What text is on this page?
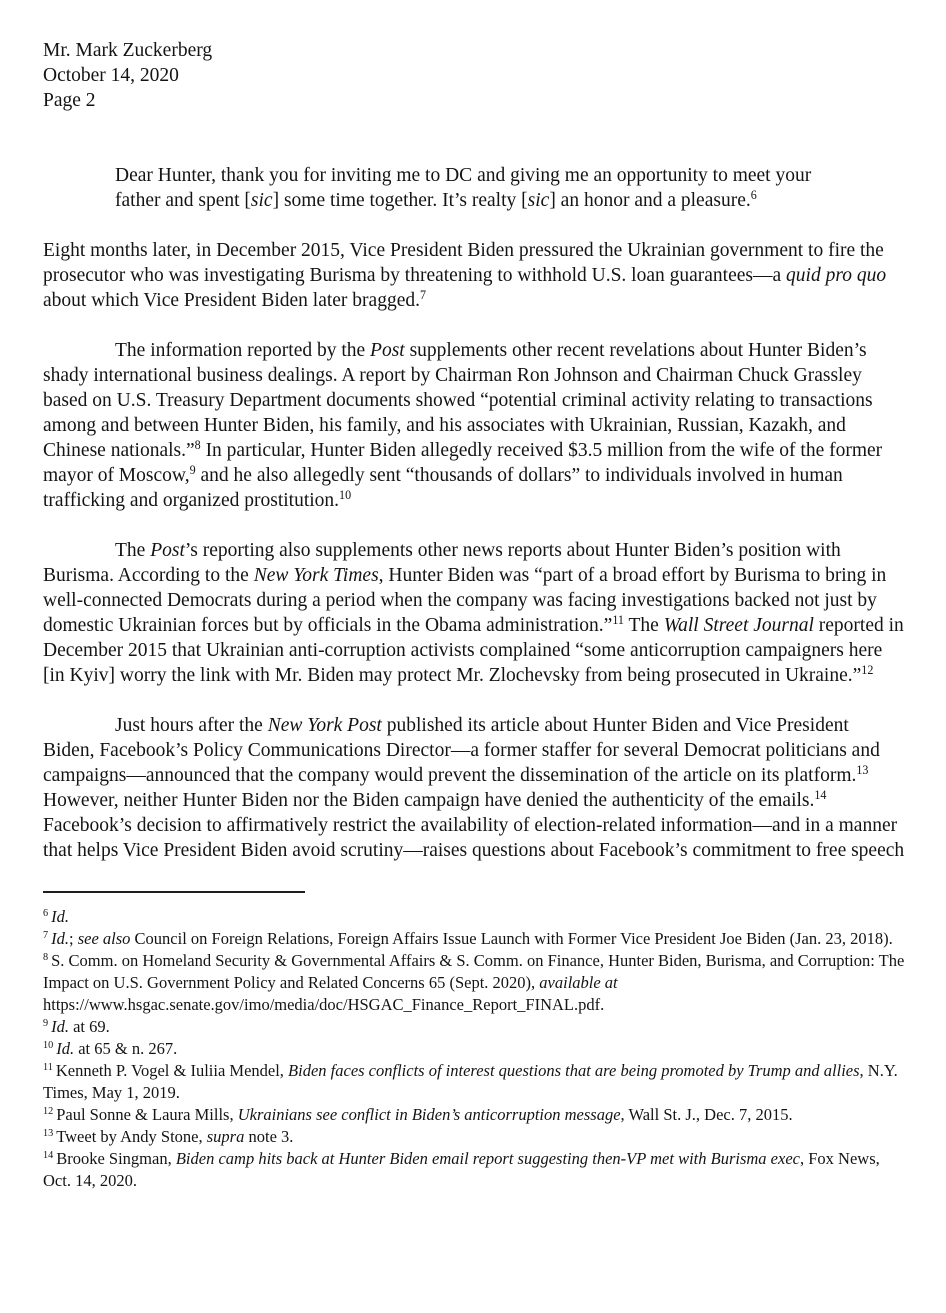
Mr. Mark Zuckerberg
October 14, 2020
Page 2
Dear Hunter, thank you for inviting me to DC and giving me an opportunity to meet your father and spent [sic] some time together. It’s realty [sic] an honor and a pleasure.$^6$

Eight months later, in December 2015, Vice President Biden pressured the Ukrainian government to fire the prosecutor who was investigating Burisma by threatening to withhold U.S. loan guarantees—a quid pro quo about which Vice President Biden later bragged.$^7$

The information reported by the Post supplements other recent revelations about Hunter Biden’s shady international business dealings. A report by Chairman Ron Johnson and Chairman Chuck Grassley based on U.S. Treasury Department documents showed “potential criminal activity relating to transactions among and between Hunter Biden, his family, and his associates with Ukrainian, Russian, Kazakh, and Chinese nationals.”$^8$ In particular, Hunter Biden allegedly received $3.5 million from the wife of the former mayor of Moscow,$^9$ and he also allegedly sent “thousands of dollars” to individuals involved in human trafficking and organized prostitution.$^{10}$

The Post’s reporting also supplements other news reports about Hunter Biden’s position with Burisma. According to the New York Times, Hunter Biden was “part of a broad effort by Burisma to bring in well-connected Democrats during a period when the company was facing investigations backed not just by domestic Ukrainian forces but by officials in the Obama administration.”$^{11}$ The Wall Street Journal reported in December 2015 that Ukrainian anti-corruption activists complained “some anticorruption campaigners here [in Kyiv] worry the link with Mr. Biden may protect Mr. Zlochevsky from being prosecuted in Ukraine.”$^{12}$

Just hours after the New York Post published its article about Hunter Biden and Vice President Biden, Facebook’s Policy Communications Director—a former staffer for several Democrat politicians and campaigns—announced that the company would prevent the dissemination of the article on its platform.$^{13}$ However, neither Hunter Biden nor the Biden campaign have denied the authenticity of the emails.$^{14}$ Facebook’s decision to affirmatively restrict the availability of election-related information—and in a manner that helps Vice President Biden avoid scrutiny—raises questions about Facebook’s commitment to free speech

$^6$ Id.
$^7$ Id.; see also Council on Foreign Relations, Foreign Affairs Issue Launch with Former Vice President Joe Biden (Jan. 23, 2018).
$^8$ S. Comm. on Homeland Security & Governmental Affairs & S. Comm. on Finance, Hunter Biden, Burisma, and Corruption: The Impact on U.S. Government Policy and Related Concerns 65 (Sept. 2020), available at https://www.hsgac.senate.gov/imo/media/doc/HSGAC_Finance_Report_FINAL.pdf.
$^9$ Id. at 69.
$^{10}$ Id. at 65 & n. 267.
$^{11}$ Kenneth P. Vogel & Iuliia Mendel, Biden faces conflicts of interest questions that are being promoted by Trump and allies, N.Y. Times, May 1, 2019.
$^{12}$ Paul Sonne & Laura Mills, Ukrainians see conflict in Biden’s anticorruption message, Wall St. J., Dec. 7, 2015.
$^{13}$ Tweet by Andy Stone, supra note 3.
$^{14}$ Brooke Singman, Biden camp hits back at Hunter Biden email report suggesting then-VP met with Burisma exec, Fox News, Oct. 14, 2020.
